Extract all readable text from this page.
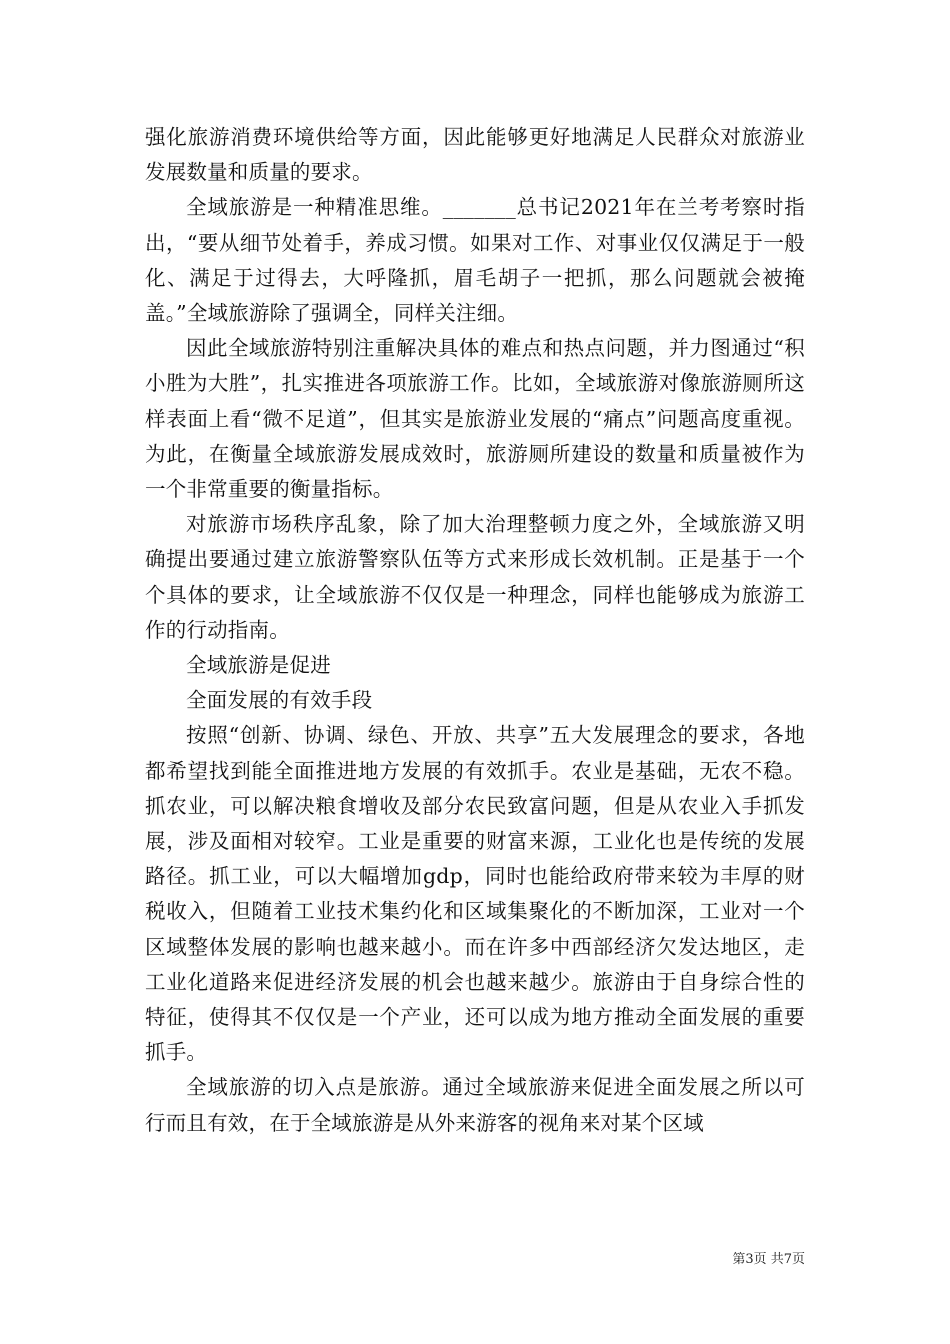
强化旅游消费环境供给等方面，因此能够更好地满足人民群众对旅游业发展数量和质量的要求。

全域旅游是一种精准思维。_______总书记2021年在兰考考察时指出，“要从细节处着手，养成习惯。如果对工作、对事业仅仅满足于一般化、满足于过得去，大呼隆抓，眉毛胡子一把抓，那么问题就会被掩盖。”全域旅游除了强调全，同样关注细。

因此全域旅游特别注重解决具体的难点和热点问题，并力图通过“积小胜为大胜”，扎实推进各项旅游工作。比如，全域旅游对像旅游厕所这样表面上看“微不足道”，但其实是旅游业发展的“痛点”问题高度重视。为此，在衡量全域旅游发展成效时，旅游厕所建设的数量和质量被作为一个非常重要的衡量指标。

对旅游市场秩序乱象，除了加大治理整顿力度之外，全域旅游又明确提出要通过建立旅游警察队伍等方式来形成长效机制。正是基于一个个具体的要求，让全域旅游不仅仅是一种理念，同样也能够成为旅游工作的行动指南。

全域旅游是促进

全面发展的有效手段

按照“创新、协调、绿色、开放、共享”五大发展理念的要求，各地都希望找到能全面推进地方发展的有效抓手。农业是基础，无农不稳。抓农业，可以解决粮食增收及部分农民致富问题，但是从农业入手抓发展，涉及面相对较窄。工业是重要的财富来源，工业化也是传统的发展路径。抓工业，可以大幅增加gdp，同时也能给政府带来较为丰厚的财税收入，但随着工业技术集约化和区域集聚化的不断加深，工业对一个区域整体发展的影响也越来越小。而在许多中西部经济欠发达地区，走工业化道路来促进经济发展的机会也越来越少。旅游由于自身综合性的特征，使得其不仅仅是一个产业，还可以成为地方推动全面发展的重要抓手。

全域旅游的切入点是旅游。通过全域旅游来促进全面发展之所以可行而且有效，在于全域旅游是从外来游客的视角来对某个区域

第3页 共7页
